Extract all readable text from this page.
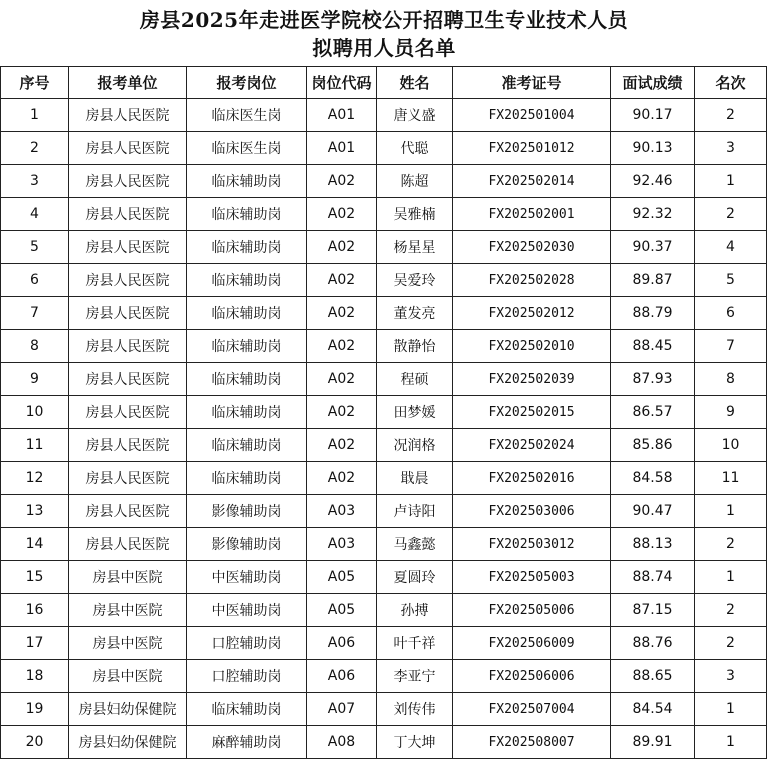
房县2025年走进医学院校公开招聘卫生专业技术人员
拟聘用人员名单
序号	报考单位	报考岗位	岗位代码	姓名	准考证号	面试成绩	名次
1	房县人民医院	临床医生岗	A01	唐义盛	FX202501004	90.17	2
2	房县人民医院	临床医生岗	A01	代聪	FX202501012	90.13	3
3	房县人民医院	临床辅助岗	A02	陈超	FX202502014	92.46	1
4	房县人民医院	临床辅助岗	A02	吴雅楠	FX202502001	92.32	2
5	房县人民医院	临床辅助岗	A02	杨星星	FX202502030	90.37	4
6	房县人民医院	临床辅助岗	A02	吴爱玲	FX202502028	89.87	5
7	房县人民医院	临床辅助岗	A02	董发亮	FX202502012	88.79	6
8	房县人民医院	临床辅助岗	A02	散静怡	FX202502010	88.45	7
9	房县人民医院	临床辅助岗	A02	程硕	FX202502039	87.93	8
10	房县人民医院	临床辅助岗	A02	田梦媛	FX202502015	86.57	9
11	房县人民医院	临床辅助岗	A02	况润格	FX202502024	85.86	10
12	房县人民医院	临床辅助岗	A02	戢晨	FX202502016	84.58	11
13	房县人民医院	影像辅助岗	A03	卢诗阳	FX202503006	90.47	1
14	房县人民医院	影像辅助岗	A03	马鑫懿	FX202503012	88.13	2
15	房县中医院	中医辅助岗	A05	夏圆玲	FX202505003	88.74	1
16	房县中医院	中医辅助岗	A05	孙搏	FX202505006	87.15	2
17	房县中医院	口腔辅助岗	A06	叶千祥	FX202506009	88.76	2
18	房县中医院	口腔辅助岗	A06	李亚宁	FX202506006	88.65	3
19	房县妇幼保健院	临床辅助岗	A07	刘传伟	FX202507004	84.54	1
20	房县妇幼保健院	麻醉辅助岗	A08	丁大坤	FX202508007	89.91	1
